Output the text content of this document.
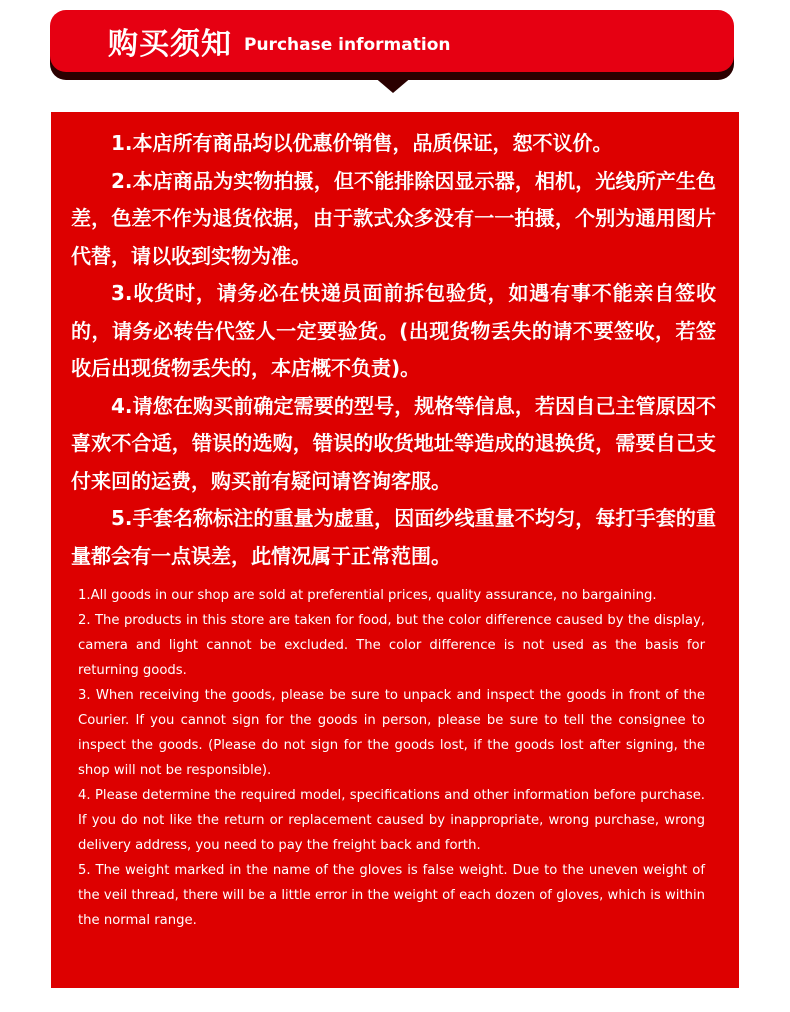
购买须知 Purchase information

1.本店所有商品均以优惠价销售，品质保证，恕不议价。

2.本店商品为实物拍摄，但不能排除因显示器，相机，光线所产生色差，色差不作为退货依据，由于款式众多没有一一拍摄，个别为通用图片代替，请以收到实物为准。

3.收货时，请务必在快递员面前拆包验货，如遇有事不能亲自签收的，请务必转告代签人一定要验货。(出现货物丢失的请不要签收，若签收后出现货物丢失的，本店概不负责)。

4.请您在购买前确定需要的型号，规格等信息，若因自己主管原因不喜欢不合适，错误的选购，错误的收货地址等造成的退换货，需要自己支付来回的运费，购买前有疑问请咨询客服。

5.手套名称标注的重量为虚重，因面纱线重量不均匀，每打手套的重量都会有一点误差，此情况属于正常范围。

1.All goods in our shop are sold at preferential prices, quality assurance, no bargaining.

2. The products in this store are taken for food, but the color difference caused by the display, camera and light cannot be excluded. The color difference is not used as the basis for returning goods.

3. When receiving the goods, please be sure to unpack and inspect the goods in front of the Courier. If you cannot sign for the goods in person, please be sure to tell the consignee to inspect the goods. (Please do not sign for the goods lost, if the goods lost after signing, the shop will not be responsible).

4. Please determine the required model, specifications and other information before purchase. If you do not like the return or replacement caused by inappropriate, wrong purchase, wrong delivery address, you need to pay the freight back and forth.

5. The weight marked in the name of the gloves is false weight. Due to the uneven weight of the veil thread, there will be a little error in the weight of each dozen of gloves, which is within the normal range.
